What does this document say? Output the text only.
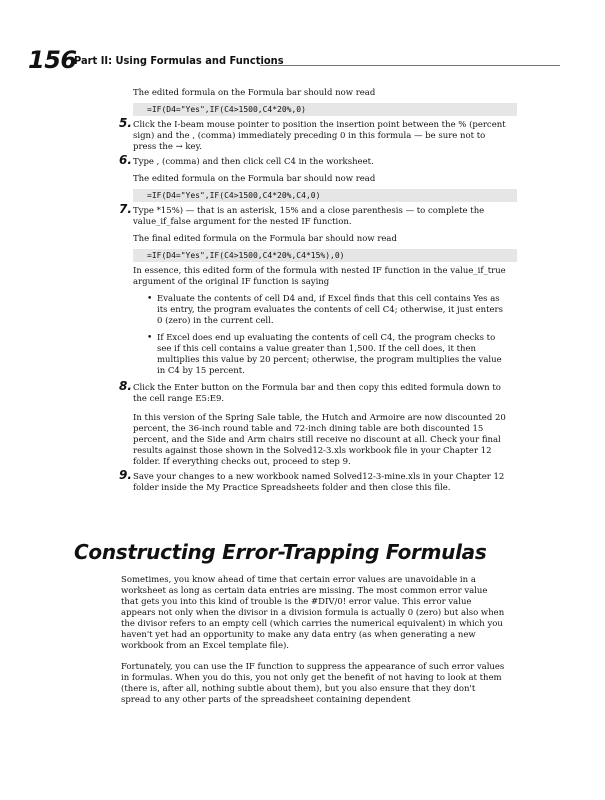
156
Part II: Using Formulas and Functions

The edited formula on the Formula bar should now read

=IF(D4="Yes",IF(C4>1500,C4*20%,0)
5. Click the I-beam mouse pointer to position the insertion point between the % (percent sign) and the , (comma) immediately preceding 0 in this formula — be sure not to press the → key.

6. Type , (comma) and then click cell C4 in the worksheet.

The edited formula on the Formula bar should now read

=IF(D4="Yes",IF(C4>1500,C4*20%,C4,0)
7. Type *15%) — that is an asterisk, 15% and a close parenthesis — to complete the value_if_false argument for the nested IF function.

The final edited formula on the Formula bar should now read

=IF(D4="Yes",IF(C4>1500,C4*20%,C4*15%),0)

In essence, this edited form of the formula with nested IF function in the value_if_true argument of the original IF function is saying

• Evaluate the contents of cell D4 and, if Excel finds that this cell contains Yes as its entry, the program evaluates the contents of cell C4; otherwise, it just enters 0 (zero) in the current cell.
• If Excel does end up evaluating the contents of cell C4, the program checks to see if this cell contains a value greater than 1,500. If the cell does, it then multiplies this value by 20 percent; otherwise, the program multiplies the value in C4 by 15 percent.
8. Click the Enter button on the Formula bar and then copy this edited formula down to the cell range E5:E9.

In this version of the Spring Sale table, the Hutch and Armoire are now discounted 20 percent, the 36-inch round table and 72-inch dining table are both discounted 15 percent, and the Side and Arm chairs still receive no discount at all. Check your final results against those shown in the Solved12-3.xls workbook file in your Chapter 12 folder. If everything checks out, proceed to step 9.

9. Save your changes to a new workbook named Solved12-3-mine.xls in your Chapter 12 folder inside the My Practice Spreadsheets folder and then close this file.

Constructing Error-Trapping Formulas

Sometimes, you know ahead of time that certain error values are unavoidable in a worksheet as long as certain data entries are missing. The most common error value that gets you into this kind of trouble is the #DIV/0! error value. This error value appears not only when the divisor in a division formula is actually 0 (zero) but also when the divisor refers to an empty cell (which carries the numerical equivalent) in which you haven't yet had an opportunity to make any data entry (as when generating a new workbook from an Excel template file).

Fortunately, you can use the IF function to suppress the appearance of such error values in formulas. When you do this, you not only get the benefit of not having to look at them (there is, after all, nothing subtle about them), but you also ensure that they don't spread to any other parts of the spreadsheet containing dependent
